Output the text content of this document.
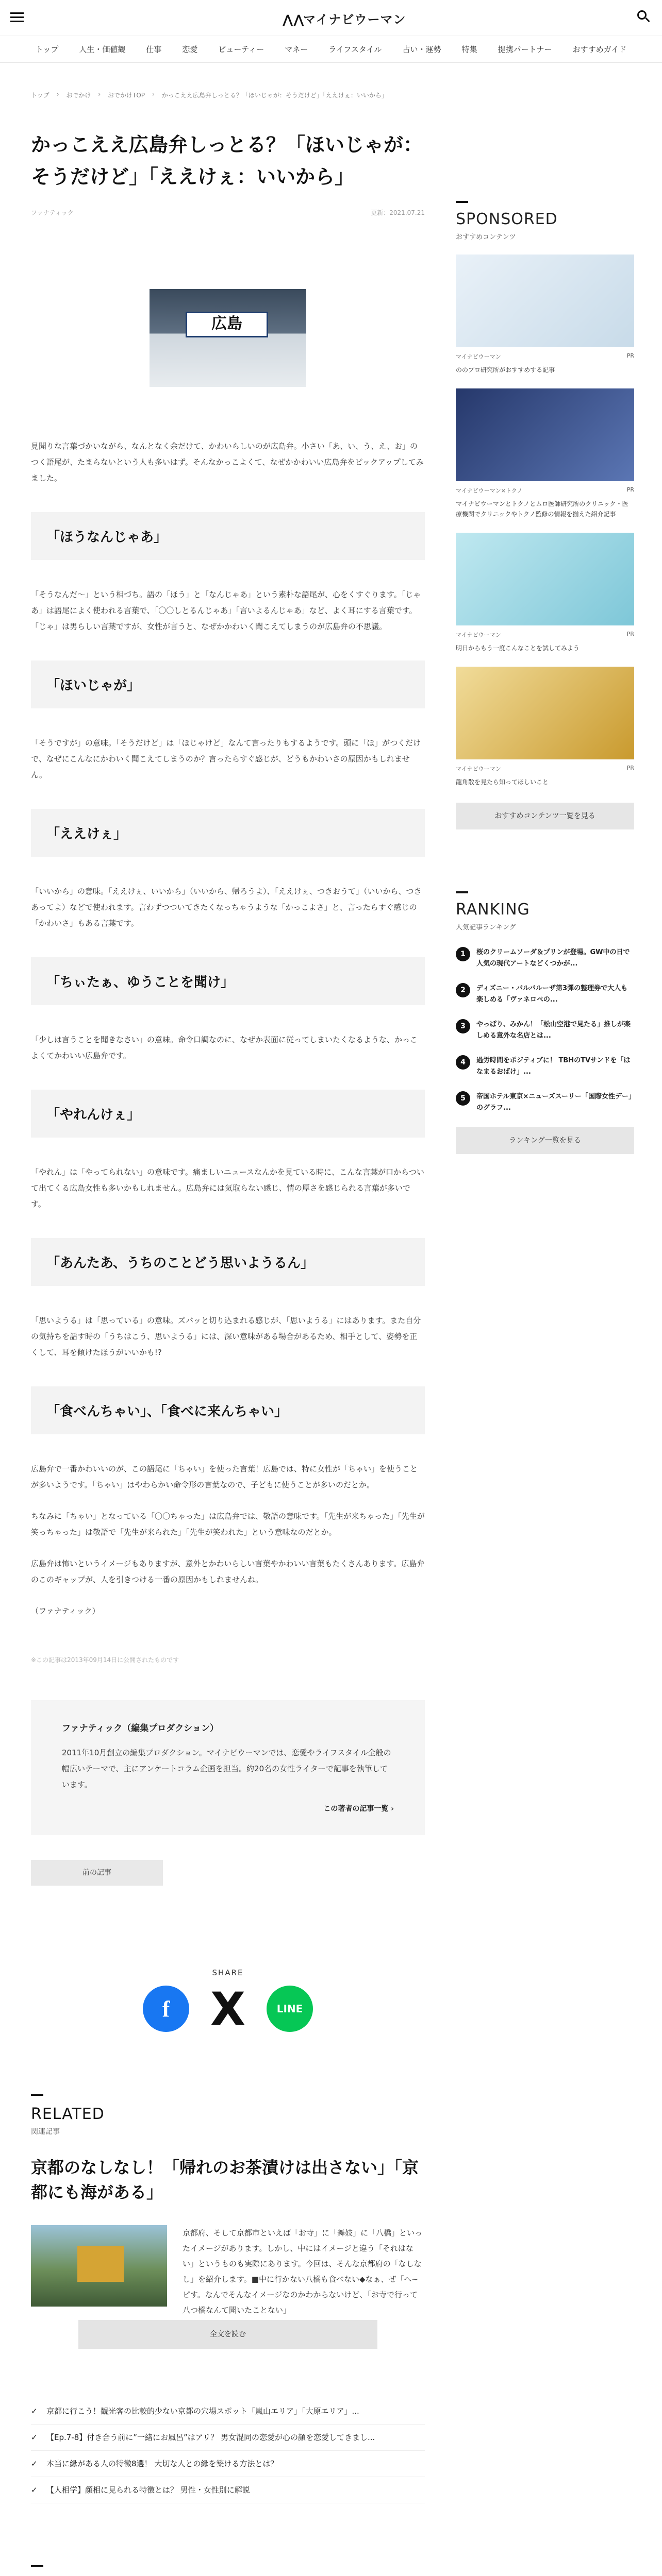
⋀⋀マイナビウーマン
トップ	人生・価値観	仕事	恋愛	ビューティー	マネー	ライフスタイル	占い・運勢	特集	提携パートナー	おすすめガイド
トップ › おでかけ › おでかけTOP › かっこええ広島弁しっとる？「ほいじゃが：そうだけど」「ええけぇ：いいから」
かっこええ広島弁しっとる？「ほいじゃが：そうだけど」「ええけぇ：いいから」
ファナティック	更新：2021.07.21
広島

見聞りな言葉づかいながら、なんとなく余だけて、かわいらしいのが広島弁。小さい「あ、い、う、え、お」のつく語尾が、たまらないという人も多いはず。そんなかっこよくて、なぜかかわいい広島弁をピックアップしてみました。

「ほうなんじゃあ」

「そうなんだ～」という相づち。語の「ほう」と「なんじゃあ」という素朴な語尾が、心をくすぐります。「じゃあ」は語尾によく使われる言葉で、「〇〇しとるんじゃあ」「言いよるんじゃあ」など、よく耳にする言葉です。「じゃ」は男らしい言葉ですが、女性が言うと、なぜかかわいく聞こえてしまうのが広島弁の不思議。

「ほいじゃが」

「そうですが」の意味。「そうだけど」は「ほじゃけど」なんて言ったりもするようです。頭に「ほ」がつくだけで、なぜにこんなにかわいく聞こえてしまうのか？言ったらすぐ感じが、どうもかわいさの原因かもしれません。

「ええけぇ」

「いいから」の意味。「ええけぇ、いいから」（いいから、帰ろうよ）、「ええけぇ、つきおうて」（いいから、つきあってよ）などで使われます。言わずつついてきたくなっちゃうような「かっこよさ」と、言ったらすぐ感じの「かわいさ」もある言葉です。

「ちぃたぁ、ゆうことを聞け」

「少しは言うことを聞きなさい」の意味。命令口調なのに、なぜか表面に従ってしまいたくなるような、かっこよくてかわいい広島弁です。

「やれんけぇ」

「やれん」は「やってられない」の意味です。痛ましいニュースなんかを見ている時に、こんな言葉が口からついて出てくる広島女性も多いかもしれません。広島弁には気取らない感じ、情の厚さを感じられる言葉が多いです。

「あんたあ、うちのことどう思いようるん」

「思いようる」は「思っている」の意味。ズバッと切り込まれる感じが、「思いようる」にはあります。また自分の気持ちを話す時の「うちはこう、思いようる」には、深い意味がある場合があるため、相手として、姿勢を正くして、耳を傾けたほうがいいかも!?

「食べんちゃい」、「食べに来んちゃい」

広島弁で一番かわいいのが、この語尾に「ちゃい」を使った言葉！広島では、特に女性が「ちゃい」を使うことが多いようです。「ちゃい」はやわらかい命令形の言葉なので、子どもに使うことが多いのだとか。

ちなみに「ちゃい」となっている「〇〇ちゃった」は広島弁では、敬語の意味です。「先生が来ちゃった」「先生が笑っちゃった」は敬語で「先生が来られた」「先生が笑われた」という意味なのだとか。

広島弁は怖いというイメージもありますが、意外とかわいらしい言葉やかわいい言葉もたくさんあります。広島弁のこのギャップが、人を引きつける一番の原因かもしれませんね。

（ファナティック）

※この記事は2013年09月14日に公開されたものです

ファナティック（編集プロダクション）

2011年10月創立の編集プロダクション。マイナビウーマンでは、恋愛やライフスタイル全般の幅広いテーマで、主にアンケートコラム企画を担当。約20名の女性ライターで記事を執筆しています。

この著者の記事一覧 ›
前の記事
SHARE
f X	LINE
RELATED
関連記事
京都のなしなし！「帰れのお茶漬けは出さない」「京都にも海がある」

京都府、そして京都市といえば「お寺」に「舞妓」に「八橋」といったイメージがあります。しかし、中にはイメージと違う「それはない」というものも実際にあります。今回は、そんな京都府の「なしなし」を紹介します。■中に行かない八橋も食べない◆なぁ、ぜ「へ~ピす。なんでそんなイメージなのかわからないけど、「お寺で行って八つ橋なんて聞いたことない」

全文を読む
✓ 京都に行こう！観光客の比較的少ない京都の穴場スポット「嵐山エリア」「大原エリア」...
✓ 【Ep.7-8】付き合う前に”一緒にお風呂”はアリ？ 男女混同の恋愛が心の顔を恋愛してきまし...
✓ 本当に縁がある人の特徴8選！ 大切な人との縁を築ける方法とは？
✓ 【人相学】顔相に見られる特徴とは？ 男性・女性別に解説
SPONSORED
おすすめコンテンツ
マイナビウーマン	PR
ののプロ研究所がおすすめする記事
マイナビウーマン×トクノ	PR
マイナビウーマンとトクノとムロ医師研究所のクリニック・医療機関でクリニックやトクノ監修の情報を揃えた紹介記事
マイナビウーマン	PR
明日からもう一度こんなことを試してみよう
マイナビウーマン	PR
龍角散を見たら知ってほしいこと
おすすめコンテンツ一覧を見る
RANKING
人気記事ランキング
1	桜のクリームソーダ＆プリンが登場。GW中の日で人気の現代アートなどくつかが...
2	ディズニー・パルパルーザ第3弾の整理券で大人も楽しめる「ヴァネロペの...
3	やっぱり、みかん！「松山空港で見たる」推しが楽しめる意外な名店とは...
4	過労時間をポジティブに！ TBHのTVサンドを「はなまるおばけ」...
5	帝国ホテル東京×ニューズスーリー「国際女性デー」のグラフ...
ランキング一覧を見る
